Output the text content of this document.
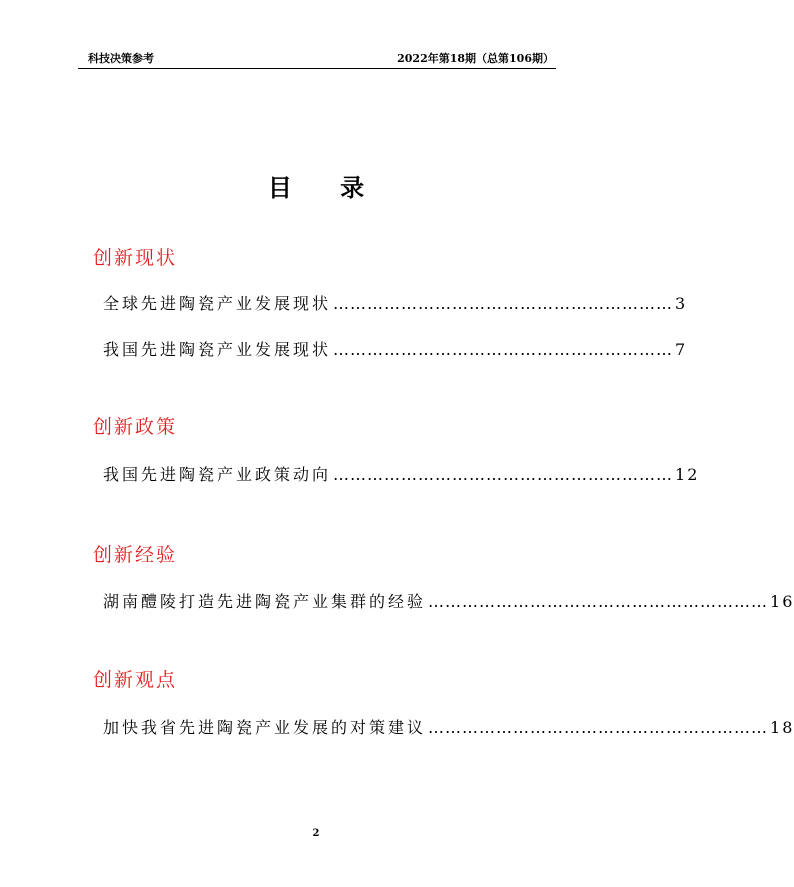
科技决策参考	2022年第18期（总第106期）
目 录
创新现状
全球先进陶瓷产业发展现状 …………………………………………………… 3
我国先进陶瓷产业发展现状 …………………………………………………… 7
创新政策
我国先进陶瓷产业政策动向 …………………………………………………… 12
创新经验
湖南醴陵打造先进陶瓷产业集群的经验 …………………………………………………… 16
创新观点
加快我省先进陶瓷产业发展的对策建议 …………………………………………………… 18
2
